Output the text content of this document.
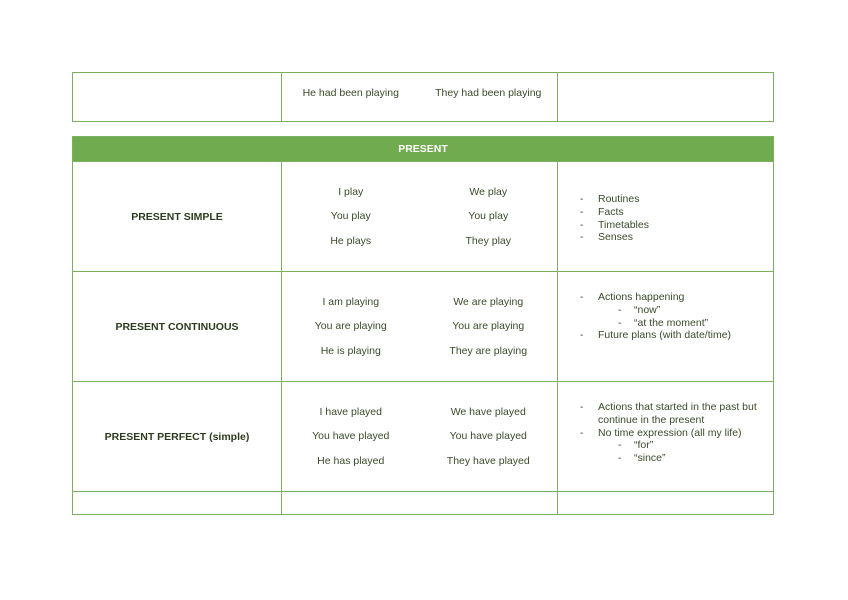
He had been playing	They had been playing
PRESENT
PRESENT SIMPLE
I play
You play
He plays
We play
You play
They play
- Routines
- Facts
- Timetables
- Senses
PRESENT CONTINUOUS
I am playing
You are playing
He is playing
We are playing
You are playing
They are playing
- Actions happening
- “now”
- “at the moment”
- Future plans (with date/time)
PRESENT PERFECT (simple)
I have played
You have played
He has played
We have played
You have played
They have played
- Actions that started in the past but continue in the present
- No time expression (all my life)
- “for”
- “since”
